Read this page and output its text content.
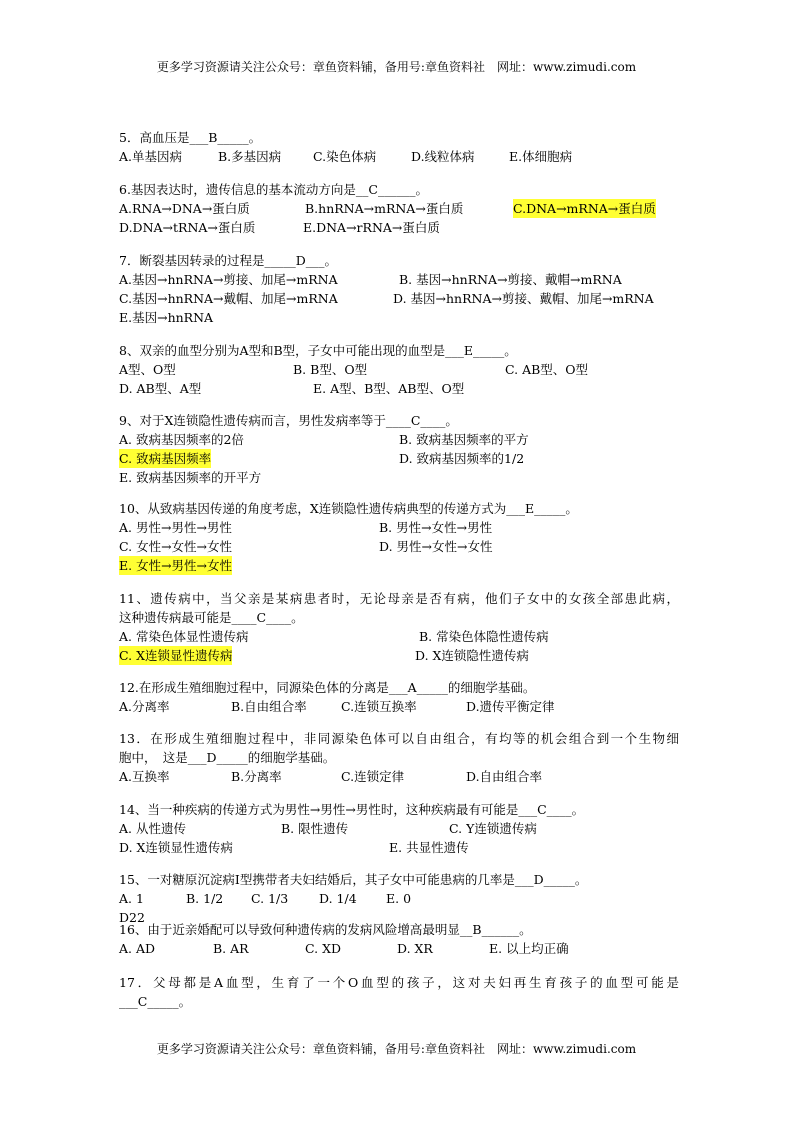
更多学习资源请关注公众号：章鱼资料铺，备用号:章鱼资料社　网址：www.zimudi.com
5．高血压是___B_____。
A.单基因病	B.多基因病	C.染色体病	D.线粒体病	E.体细胞病
6.基因表达时，遗传信息的基本流动方向是__C______。
A.RNA→DNA→蛋白质	B.hnRNA→mRNA→蛋白质	C.DNA→mRNA→蛋白质
D.DNA→tRNA→蛋白质	E.DNA→rRNA→蛋白质
7．断裂基因转录的过程是_____D___。
A.基因→hnRNA→剪接、加尾→mRNA	B. 基因→hnRNA→剪接、戴帽→mRNA
C.基因→hnRNA→戴帽、加尾→mRNA	D. 基因→hnRNA→剪接、戴帽、加尾→mRNA
E.基因→hnRNA
8、双亲的血型分别为A型和B型，子女中可能出现的血型是___E_____。
A型、O型	B. B型、O型	C. AB型、O型
D. AB型、A型	E. A型、B型、AB型、O型
9、对于X连锁隐性遗传病而言，男性发病率等于____C____。
A. 致病基因频率的2倍	B. 致病基因频率的平方
C. 致病基因频率	D. 致病基因频率的1/2
E. 致病基因频率的开平方
10、从致病基因传递的角度考虑，X连锁隐性遗传病典型的传递方式为___E_____。
A. 男性→男性→男性	B. 男性→女性→男性
C. 女性→女性→女性	D. 男性→女性→女性
E. 女性→男性→女性
11、遗传病中，当父亲是某病患者时，无论母亲是否有病，他们子女中的女孩全部患此病，
这种遗传病最可能是____C____。
A. 常染色体显性遗传病	B. 常染色体隐性遗传病
C. X连锁显性遗传病	D. X连锁隐性遗传病
12.在形成生殖细胞过程中，同源染色体的分离是___A_____的细胞学基础。
A.分离率	B.自由组合率	C.连锁互换率	D.遗传平衡定律
13．在形成生殖细胞过程中，非同源染色体可以自由组合，有均等的机会组合到一个生物细
胞中，　这是___D_____的细胞学基础。
A.互换率	B.分离率	C.连锁定律	D.自由组合率
14、当一种疾病的传递方式为男性→男性→男性时，这种疾病最有可能是___C____。
A. 从性遗传	B. 限性遗传	C. Y连锁遗传病
D. X连锁显性遗传病	E. 共显性遗传
15、一对糖原沉淀病Ⅰ型携带者夫妇结婚后，其子女中可能患病的几率是___D_____。
A. 1	B. 1/2 C. 1/3 D. 1/4 E. 0
D22
16、由于近亲婚配可以导致何种遗传病的发病风险增高最明显__B______。
A. AD	B. AR	C. XD	D. XR	E. 以上均正确
17．父母都是A血型，生育了一个O血型的孩子，这对夫妇再生育孩子的血型可能是
___C_____。
更多学习资源请关注公众号：章鱼资料铺，备用号:章鱼资料社　网址：www.zimudi.com
